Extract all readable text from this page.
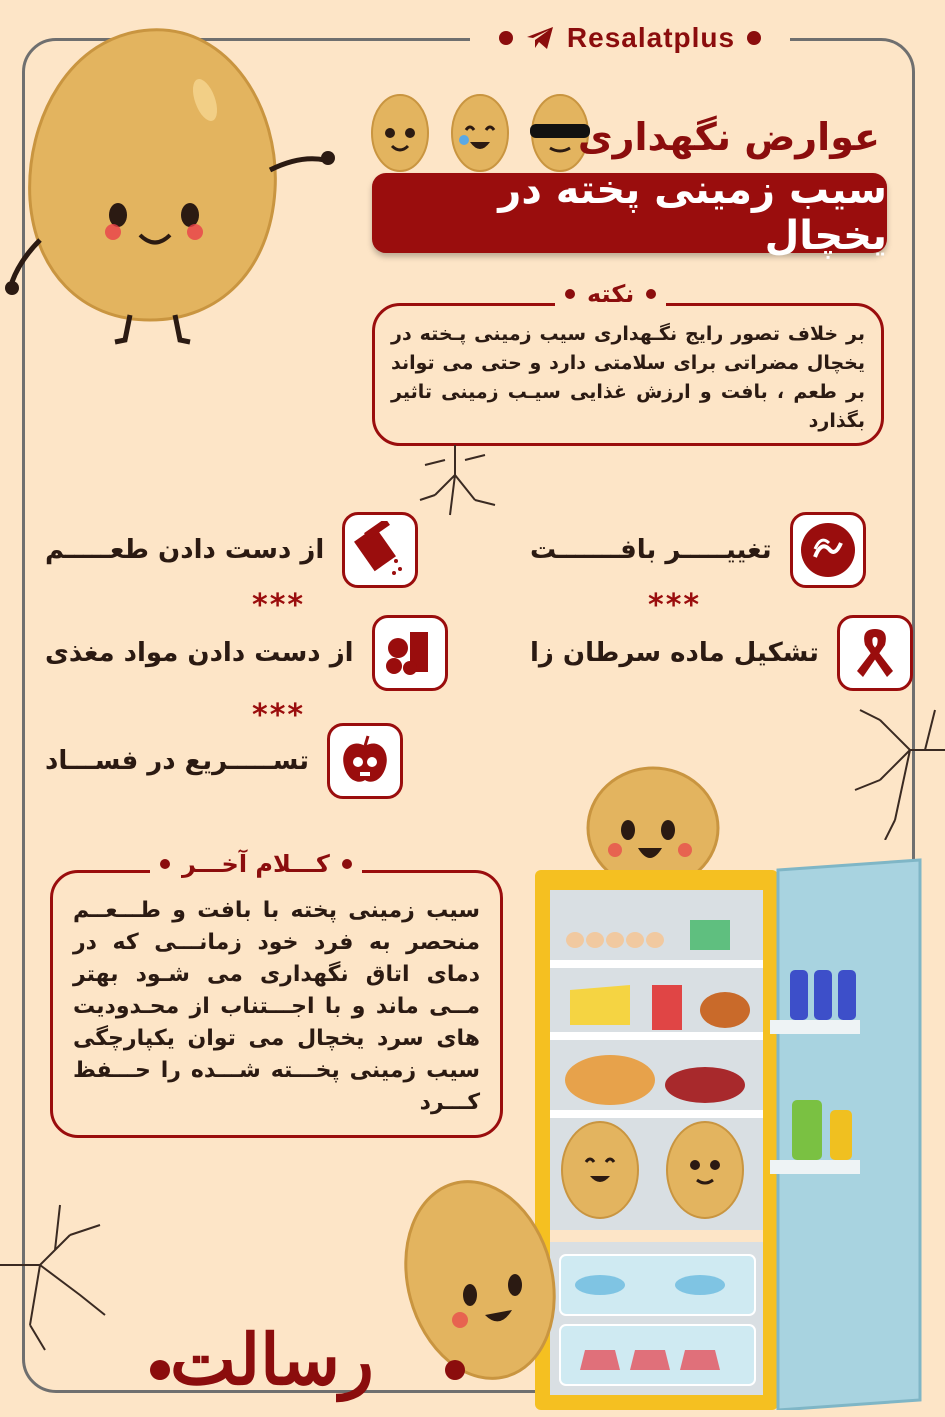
Resalatplus
عوارض نگهداری
سیب زمینی پخته در یخچال
بر خلاف تصور رایج نگـهداری سیب زمینی پـخته در یخچال مضراتی برای سلامتی دارد و حتی می تواند بر طعم ، بافت و ارزش غذایی سیـب زمینی تاثیر بگذارد
نکته
تغییـــــر بافـــــــت
از دست دادن طعـــــم
***
***
تشکیل ماده سرطان زا
از دست دادن مواد مغذی
***
تســـــریع در فســـاد
سیب زمینی پخته با بافت و طـــعــم منحصر به فرد خود زمانـــی که در دمای اتاق نگهداری می شـود بهتر مــی ماند و با اجـــتناب از محـدودیت های سرد یخچال می توان یکپارچگی سیب زمینی پخـــته شـــده را حـــفظ کـــرد
کـــلام آخـــر
رسالت
